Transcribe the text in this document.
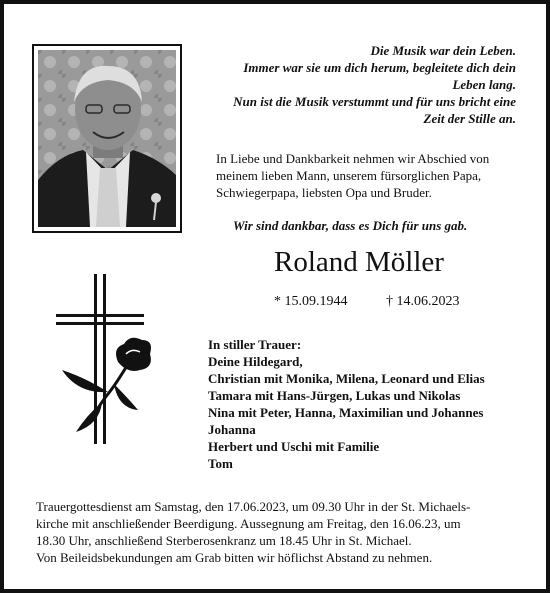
Die Musik war dein Leben.
Immer war sie um dich herum, begleitete dich dein
Leben lang.
Nun ist die Musik verstummt und für uns bricht eine
Zeit der Stille an.
In Liebe und Dankbarkeit nehmen wir Abschied von
meinem lieben Mann, unserem fürsorglichen Papa,
Schwiegerpapa, liebsten Opa und Bruder.
Wir sind dankbar, dass es Dich für uns gab.
Roland Möller
* 15.09.1944	† 14.06.2023
In stiller Trauer:
Deine Hildegard,
Christian mit Monika, Milena, Leonard und Elias
Tamara mit Hans-Jürgen, Lukas und Nikolas
Nina mit Peter, Hanna, Maximilian und Johannes
Johanna
Herbert und Uschi mit Familie
Tom
Trauergottesdienst am Samstag, den 17.06.2023, um 09.30 Uhr in der St. Michaels-
kirche mit anschließender Beerdigung. Aussegnung am Freitag, den 16.06.23, um
18.30 Uhr, anschließend Sterberosenkranz um 18.45 Uhr in St. Michael.
Von Beileidsbekundungen am Grab bitten wir höflichst Abstand zu nehmen.
